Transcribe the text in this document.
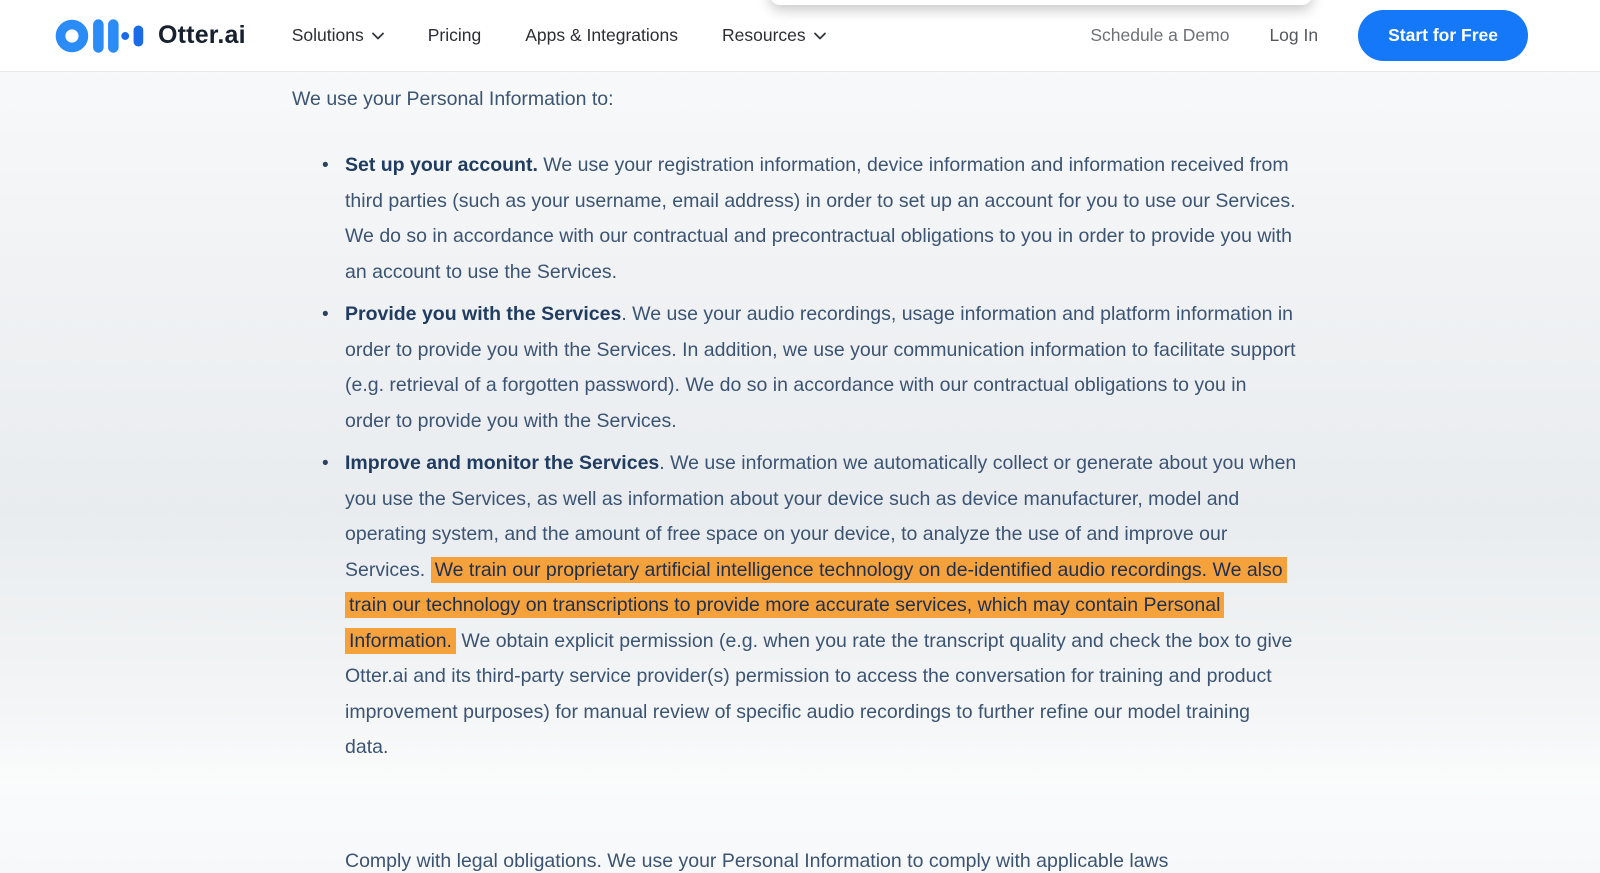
Otter.ai	Solutions	Pricing	Apps & Integrations	Resources	Schedule a Demo Log In	Start for Free

We use your Personal Information to:

• Set up your account. We use your registration information, device information and information received from third parties (such as your username, email address) in order to set up an account for you to use our Services. We do so in accordance with our contractual and precontractual obligations to you in order to provide you with an account to use the Services.
• Provide you with the Services. We use your audio recordings, usage information and platform information in order to provide you with the Services. In addition, we use your communication information to facilitate support (e.g. retrieval of a forgotten password). We do so in accordance with our contractual obligations to you in order to provide you with the Services.
• Improve and monitor the Services. We use information we automatically collect or generate about you when you use the Services, as well as information about your device such as device manufacturer, model and operating system, and the amount of free space on your device, to analyze the use of and improve our Services. We train our proprietary artificial intelligence technology on de-identified audio recordings. We also train our technology on transcriptions to provide more accurate services, which may contain Personal Information. We obtain explicit permission (e.g. when you rate the transcript quality and check the box to give Otter.ai and its third-party service provider(s) permission to access the conversation for training and product improvement purposes) for manual review of specific audio recordings to further refine our model training data.
Comply with legal obligations. We use your Personal Information to comply with applicable laws
